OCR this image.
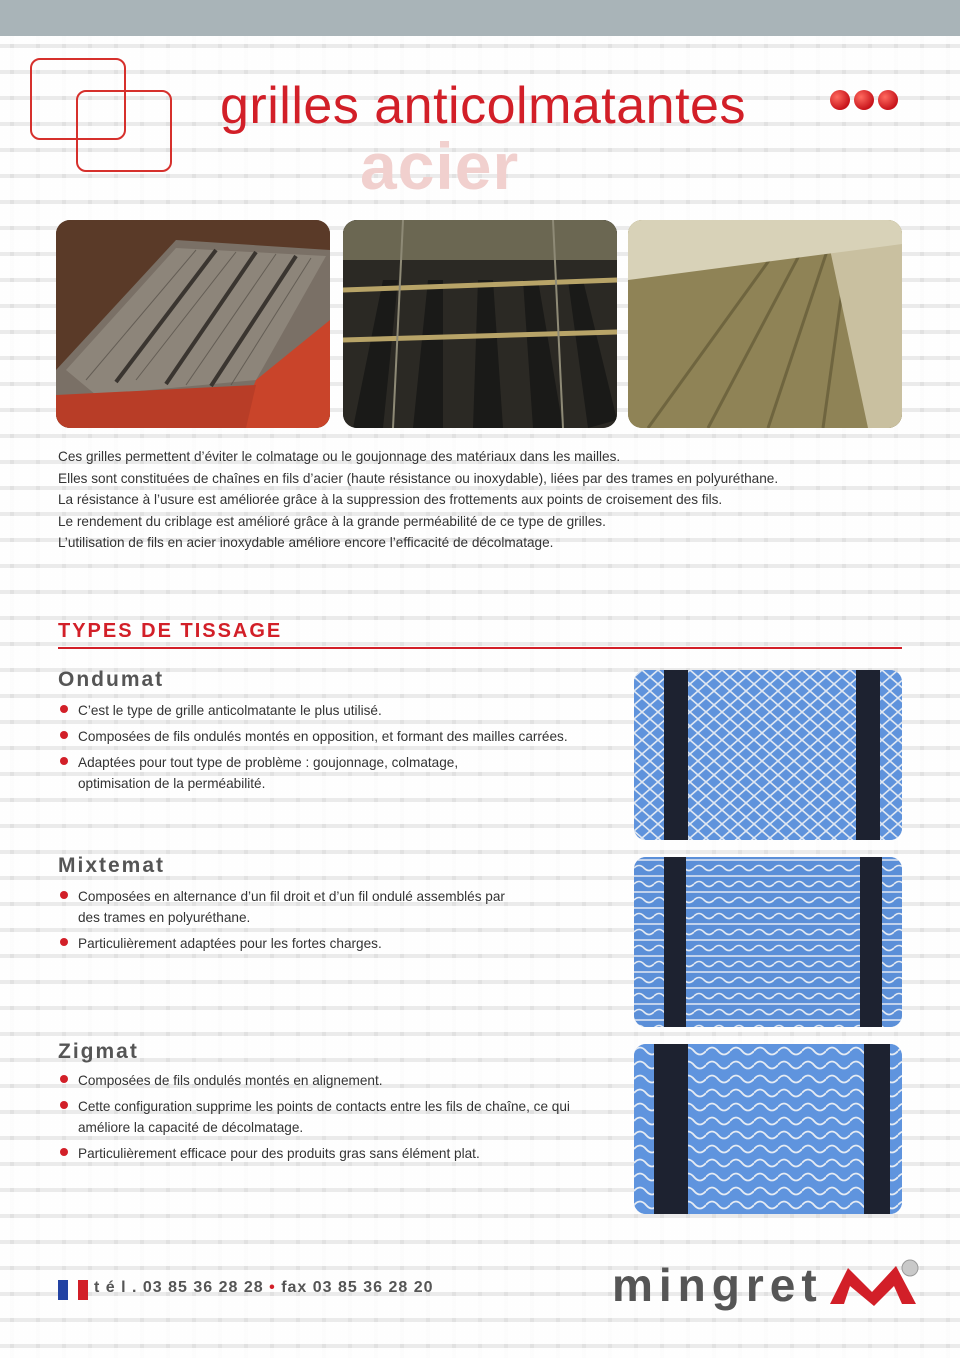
acier
grilles anticolmatantes

Ces grilles permettent d’éviter le colmatage ou le goujonnage des matériaux dans les mailles.

Elles sont constituées de chaînes en fils d’acier (haute résistance ou inoxydable), liées par des trames en polyuréthane.

La résistance à l’usure est améliorée grâce à la suppression des frottements aux points de croisement des fils.

Le rendement du criblage est amélioré grâce à la grande perméabilité de ce type de grilles.

L’utilisation de fils en acier inoxydable améliore encore l’efficacité de décolmatage.

TYPES DE TISSAGE
Ondumat
C’est le type de grille anticolmatante le plus utilisé.
Composées de fils ondulés montés en opposition, et formant des mailles carrées.
Adaptées pour tout type de problème : goujonnage, colmatage, optimisation de la perméabilité.
Mixtemat
Composées en alternance d’un fil droit et d’un fil ondulé assemblés par des trames en polyuréthane.
Particulièrement adaptées pour les fortes charges.
Zigmat
Composées de fils ondulés montés en alignement.
Cette configuration supprime les points de contacts entre les fils de chaîne, ce qui améliore la capacité de décolmatage.
Particulièrement efficace pour des produits gras sans élément plat.
t é l . 03 85 36 28 28 • fax 03 85 36 28 20	mingret
